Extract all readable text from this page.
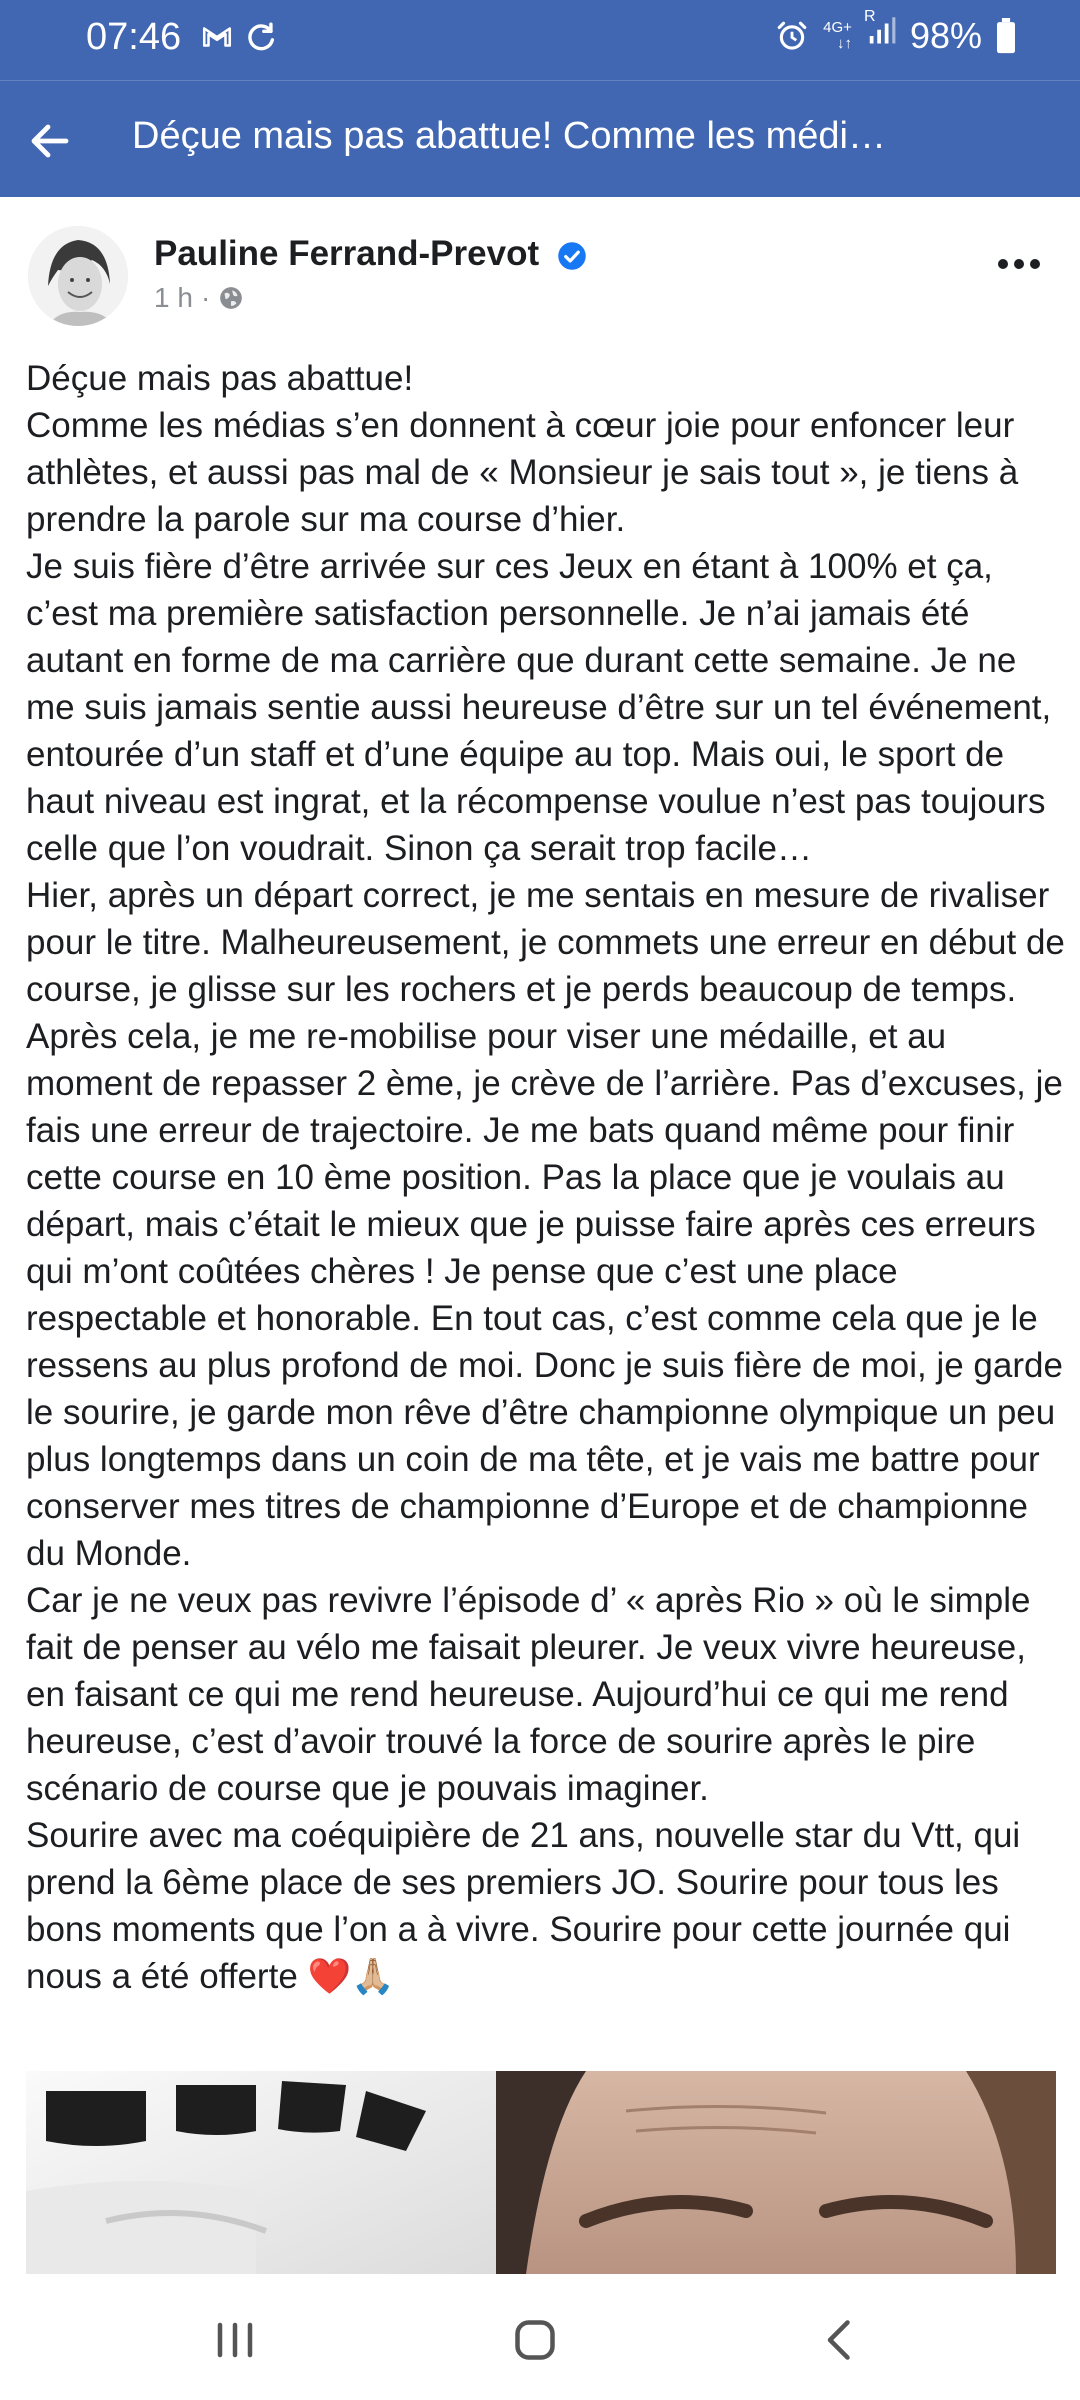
07:46	4G+
↓↑
R 98%
Déçue mais pas abattue! Comme les médi…
Pauline Ferrand-Prevot
1 h ·

Déçue mais pas abattue!

Comme les médias s’en donnent à cœur joie pour enfoncer leur athlètes, et aussi pas mal de « Monsieur je sais tout », je tiens à prendre la parole sur ma course d’hier.

Je suis fière d’être arrivée sur ces Jeux en étant à 100% et ça, c’est ma première satisfaction personnelle. Je n’ai jamais été autant en forme de ma carrière que durant cette semaine. Je ne me suis jamais sentie aussi heureuse d’être sur un tel événement, entourée d’un staff et d’une équipe au top. Mais oui, le sport de haut niveau est ingrat, et la récompense voulue n’est pas toujours celle que l’on voudrait. Sinon ça serait trop facile…

Hier, après un départ correct, je me sentais en mesure de rivaliser pour le titre. Malheureusement, je commets une erreur en début de course, je glisse sur les rochers et je perds beaucoup de temps. Après cela, je me re-mobilise pour viser une médaille, et au moment de repasser 2 ème, je crève de l’arrière. Pas d’excuses, je fais une erreur de trajectoire. Je me bats quand même pour finir cette course en 10 ème position. Pas la place que je voulais au départ, mais c’était le mieux que je puisse faire après ces erreurs qui m’ont coûtées chères ! Je pense que c’est une place respectable et honorable. En tout cas, c’est comme cela que je le ressens au plus profond de moi. Donc je suis fière de moi, je garde le sourire, je garde mon rêve d’être championne olympique un peu plus longtemps dans un coin de ma tête, et je vais me battre pour conserver mes titres de championne d’Europe et de championne du Monde.

Car je ne veux pas revivre l’épisode d’ « après Rio » où le simple fait de penser au vélo me faisait pleurer. Je veux vivre heureuse, en faisant ce qui me rend heureuse. Aujourd’hui ce qui me rend heureuse, c’est d’avoir trouvé la force de sourire après le pire scénario de course que je pouvais imaginer.

Sourire avec ma coéquipière de 21 ans, nouvelle star du Vtt, qui prend la 6ème place de ses premiers JO. Sourire pour tous les bons moments que l’on a à vivre. Sourire pour cette journée qui nous a été offerte ❤️🙏🏼
